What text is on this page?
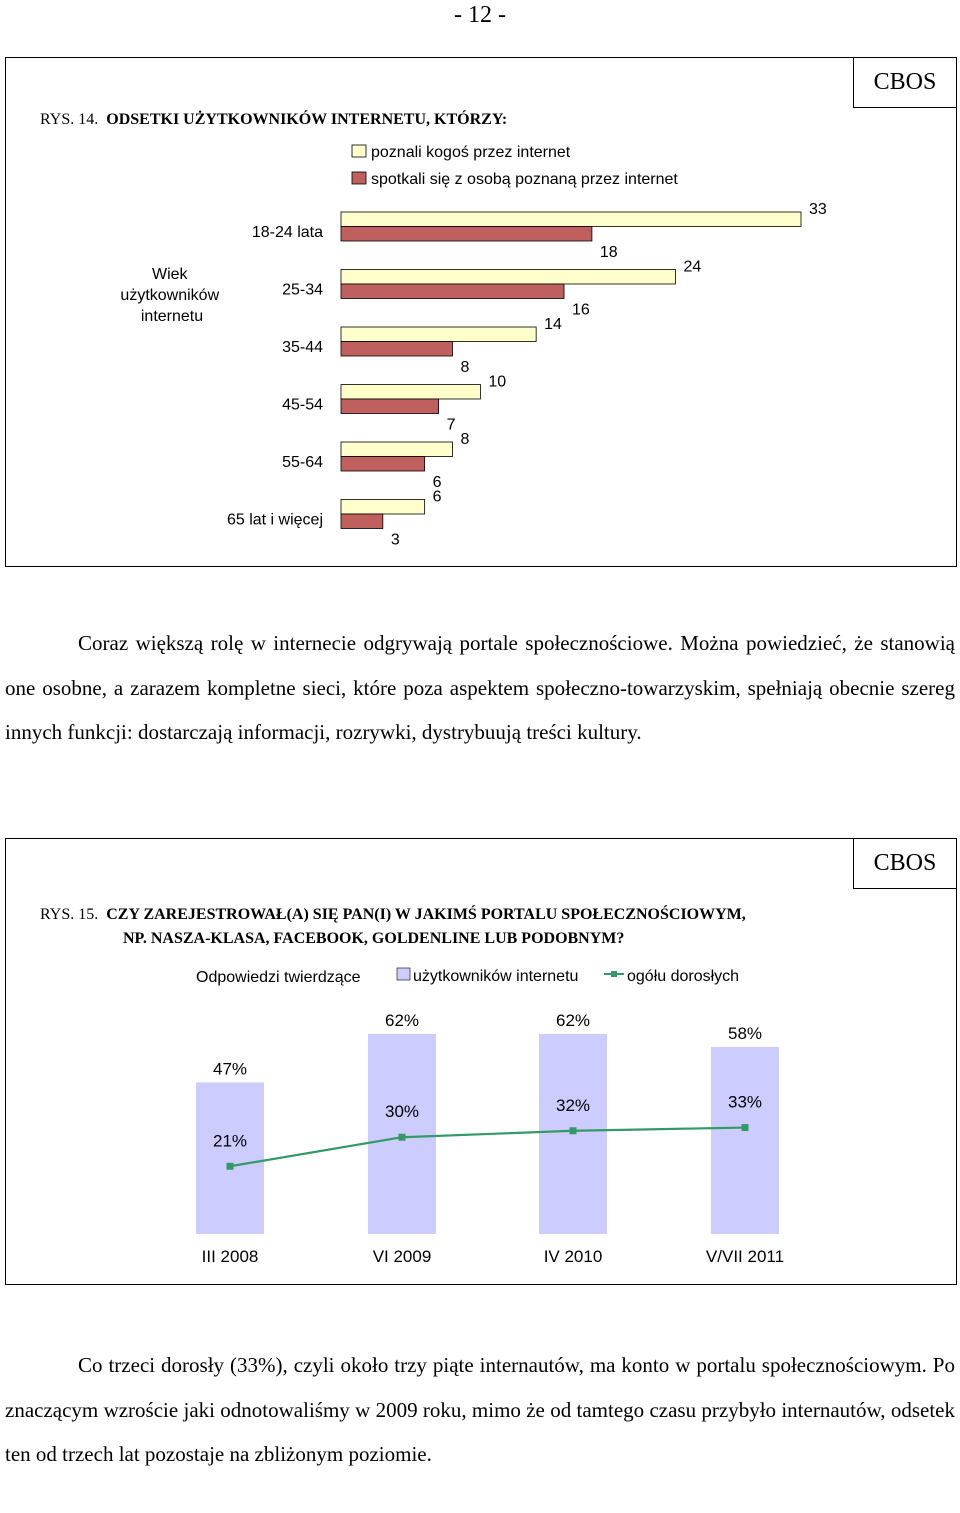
- 12 -
CBOS
RYS. 14. ODSETKI UŻYTKOWNIKÓW INTERNETU, KTÓRZY:
poznali kogoś przez internet
spotkali się z osobą poznaną przez internet
Wiek użytkowników internetu
18-24 lata
33
18
25-34
24
16
35-44
14
8
45-54
10
7
55-64
8
6
65 lat i więcej
6
3
Coraz większą rolę w internecie odgrywają portale społecznościowe. Można powiedzieć, że stanowią one osobne, a zarazem kompletne sieci, które poza aspektem społeczno-towarzyskim, spełniają obecnie szereg innych funkcji: dostarczają informacji, rozrywki, dystrybuują treści kultury.
CBOS
RYS. 15. CZY ZAREJESTROWAŁ(A) SIĘ PAN(I) W JAKIMŚ PORTALU SPOŁECZNOŚCIOWYM,
NP. NASZA-KLASA, FACEBOOK, GOLDENLINE LUB PODOBNYM?
Odpowiedzi twierdzące	użytkowników internetu	ogółu dorosłych
47%
III 2008
62%
VI 2009
62%
IV 2010
58%
V/VII 2011
21%
30%	32%	33%
Co trzeci dorosły (33%), czyli około trzy piąte internautów, ma konto w portalu społecznościowym. Po znaczącym wzroście jaki odnotowaliśmy w 2009 roku, mimo że od tamtego czasu przybyło internautów, odsetek ten od trzech lat pozostaje na zbliżonym poziomie.
